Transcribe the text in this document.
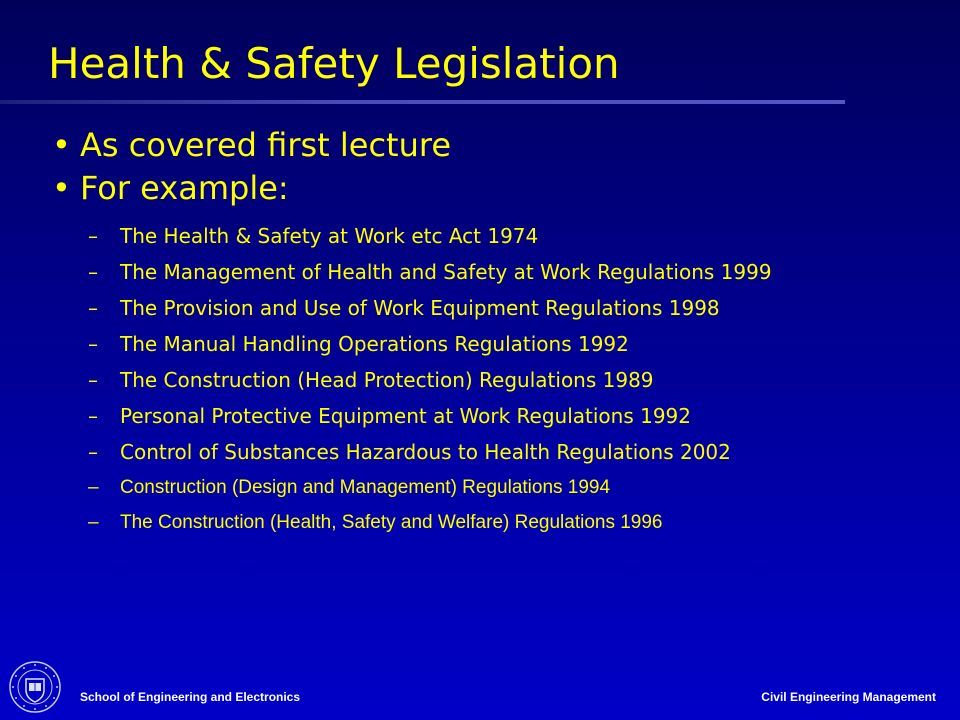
Health & Safety Legislation
• As covered first lecture
• For example:
– The Health & Safety at Work etc Act 1974
– The Management of Health and Safety at Work Regulations 1999
– The Provision and Use of Work Equipment Regulations 1998
– The Manual Handling Operations Regulations 1992
– The Construction (Head Protection) Regulations 1989
– Personal Protective Equipment at Work Regulations 1992
– Control of Substances Hazardous to Health Regulations 2002
– Construction (Design and Management) Regulations 1994
– The Construction (Health, Safety and Welfare) Regulations 1996
School of Engineering and Electronics	Civil Engineering Management
